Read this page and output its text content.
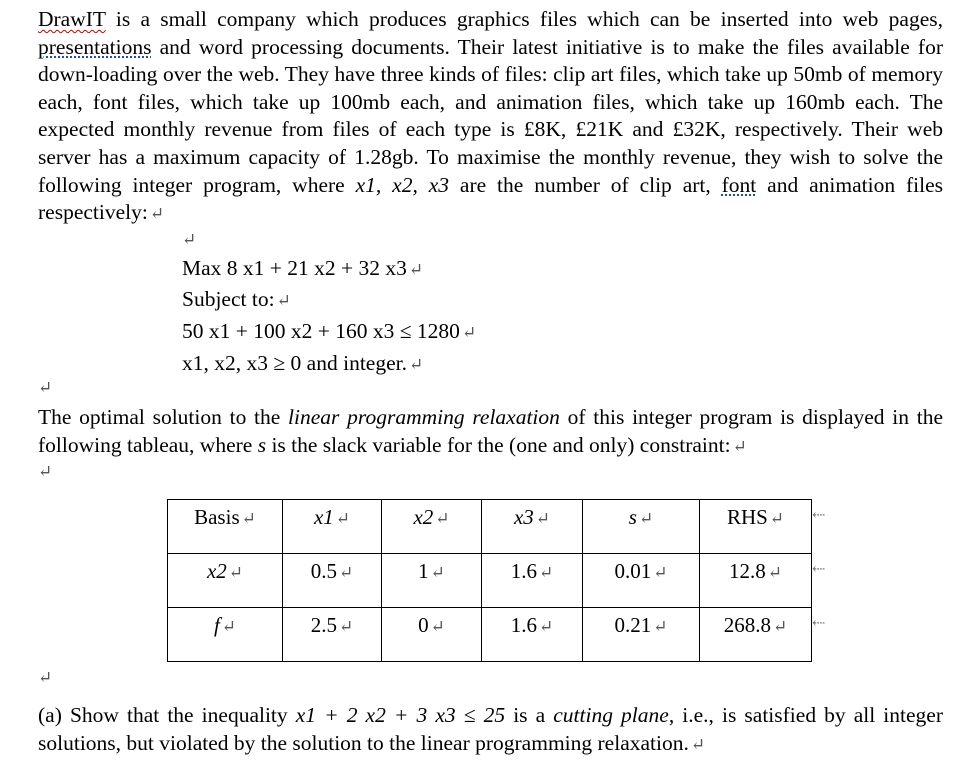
DrawIT is a small company which produces graphics files which can be inserted into web pages, presentations and word processing documents. Their latest initiative is to make the files available for down-loading over the web. They have three kinds of files: clip art files, which take up 50mb of memory each, font files, which take up 100mb each, and animation files, which take up 160mb each. The expected monthly revenue from files of each type is £8K, £21K and £32K, respectively. Their web server has a maximum capacity of 1.28gb. To maximise the monthly revenue, they wish to solve the following integer program, where x1, x2, x3 are the number of clip art, font and animation files respectively: ↵
↵
Max 8 x1 + 21 x2 + 32 x3 ↵
Subject to: ↵
50 x1 + 100 x2 + 160 x3 ≤ 1280 ↵
x1, x2, x3 ≥ 0 and integer. ↵
↵
The optimal solution to the linear programming relaxation of this integer program is displayed in the following tableau, where s is the slack variable for the (one and only) constraint: ↵
↵
Basis ↵	x1 ↵	x2 ↵	x3 ↵	s ↵	RHS ↵
x2 ↵	0.5 ↵	1 ↵	1.6 ↵	0.01 ↵	12.8 ↵
f ↵	2.5 ↵	0 ↵	1.6 ↵	0.21 ↵	268.8 ↵
⇠
⇠
⇠
↵
(a) Show that the inequality x1 + 2 x2 + 3 x3 ≤ 25 is a cutting plane, i.e., is satisfied by all integer solutions, but violated by the solution to the linear programming relaxation. ↵
